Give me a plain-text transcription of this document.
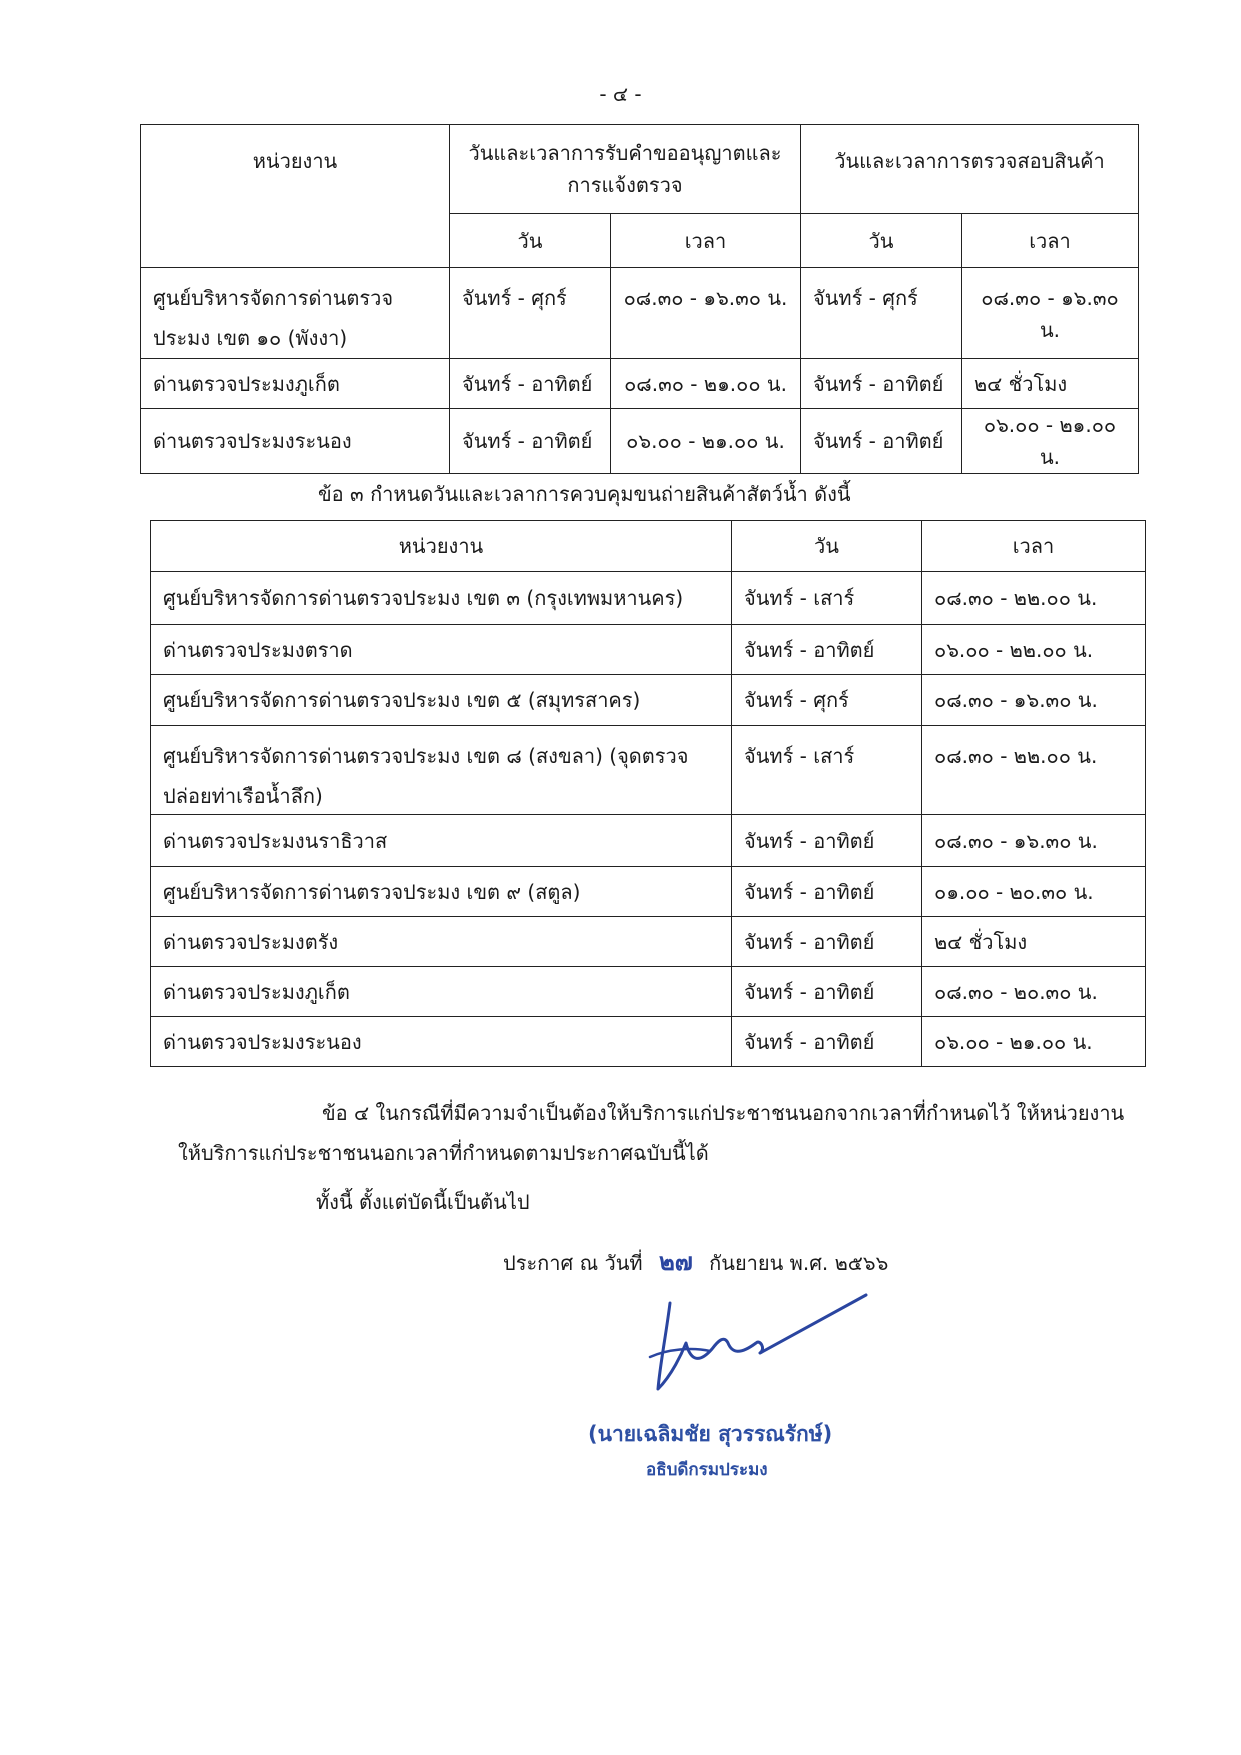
- ๔ -
หน่วยงาน	วันและเวลาการรับคำขออนุญาตและ
การแจ้งตรวจ		วันและเวลาการตรวจสอบสินค้า	
	วัน	เวลา	วัน	เวลา

ศูนย์บริหารจัดการด่านตรวจ
ประมง เขต ๑๐ (พังงา)	จันทร์ - ศุกร์	๐๘.๓๐ - ๑๖.๓๐ น.	จันทร์ - ศุกร์	๐๘.๓๐ - ๑๖.๓๐ น.
ด่านตรวจประมงภูเก็ต	จันทร์ - อาทิตย์	๐๘.๓๐ - ๒๑.๐๐ น.	จันทร์ - อาทิตย์	๒๔ ชั่วโมง
ด่านตรวจประมงระนอง	จันทร์ - อาทิตย์	๐๖.๐๐ - ๒๑.๐๐ น.	จันทร์ - อาทิตย์	๐๖.๐๐ - ๒๑.๐๐ น.
ข้อ ๓ กำหนดวันและเวลาการควบคุมขนถ่ายสินค้าสัตว์น้ำ ดังนี้
หน่วยงาน	วัน	เวลา
ศูนย์บริหารจัดการด่านตรวจประมง เขต ๓ (กรุงเทพมหานคร)	จันทร์ - เสาร์	๐๘.๓๐ - ๒๒.๐๐ น.
ด่านตรวจประมงตราด	จันทร์ - อาทิตย์	๐๖.๐๐ - ๒๒.๐๐ น.
ศูนย์บริหารจัดการด่านตรวจประมง เขต ๕ (สมุทรสาคร)	จันทร์ - ศุกร์	๐๘.๓๐ - ๑๖.๓๐ น.

ศูนย์บริหารจัดการด่านตรวจประมง เขต ๘ (สงขลา) (จุดตรวจ
ปล่อยท่าเรือน้ำลึก)	จันทร์ - เสาร์	๐๘.๓๐ - ๒๒.๐๐ น.
ด่านตรวจประมงนราธิวาส	จันทร์ - อาทิตย์	๐๘.๓๐ - ๑๖.๓๐ น.
ศูนย์บริหารจัดการด่านตรวจประมง เขต ๙ (สตูล)	จันทร์ - อาทิตย์	๐๑.๐๐ - ๒๐.๓๐ น.
ด่านตรวจประมงตรัง	จันทร์ - อาทิตย์	๒๔ ชั่วโมง
ด่านตรวจประมงภูเก็ต	จันทร์ - อาทิตย์	๐๘.๓๐ - ๒๐.๓๐ น.
ด่านตรวจประมงระนอง	จันทร์ - อาทิตย์	๐๖.๐๐ - ๒๑.๐๐ น.
ข้อ ๔ ในกรณีที่มีความจำเป็นต้องให้บริการแก่ประชาชนนอกจากเวลาที่กำหนดไว้ ให้หน่วยงาน
ให้บริการแก่ประชาชนนอกเวลาที่กำหนดตามประกาศฉบับนี้ได้
ทั้งนี้ ตั้งแต่บัดนี้เป็นต้นไป
ประกาศ ณ วันที่ ๒๗ กันยายน พ.ศ. ๒๕๖๖
(นายเฉลิมชัย สุวรรณรักษ์)
อธิบดีกรมประมง
